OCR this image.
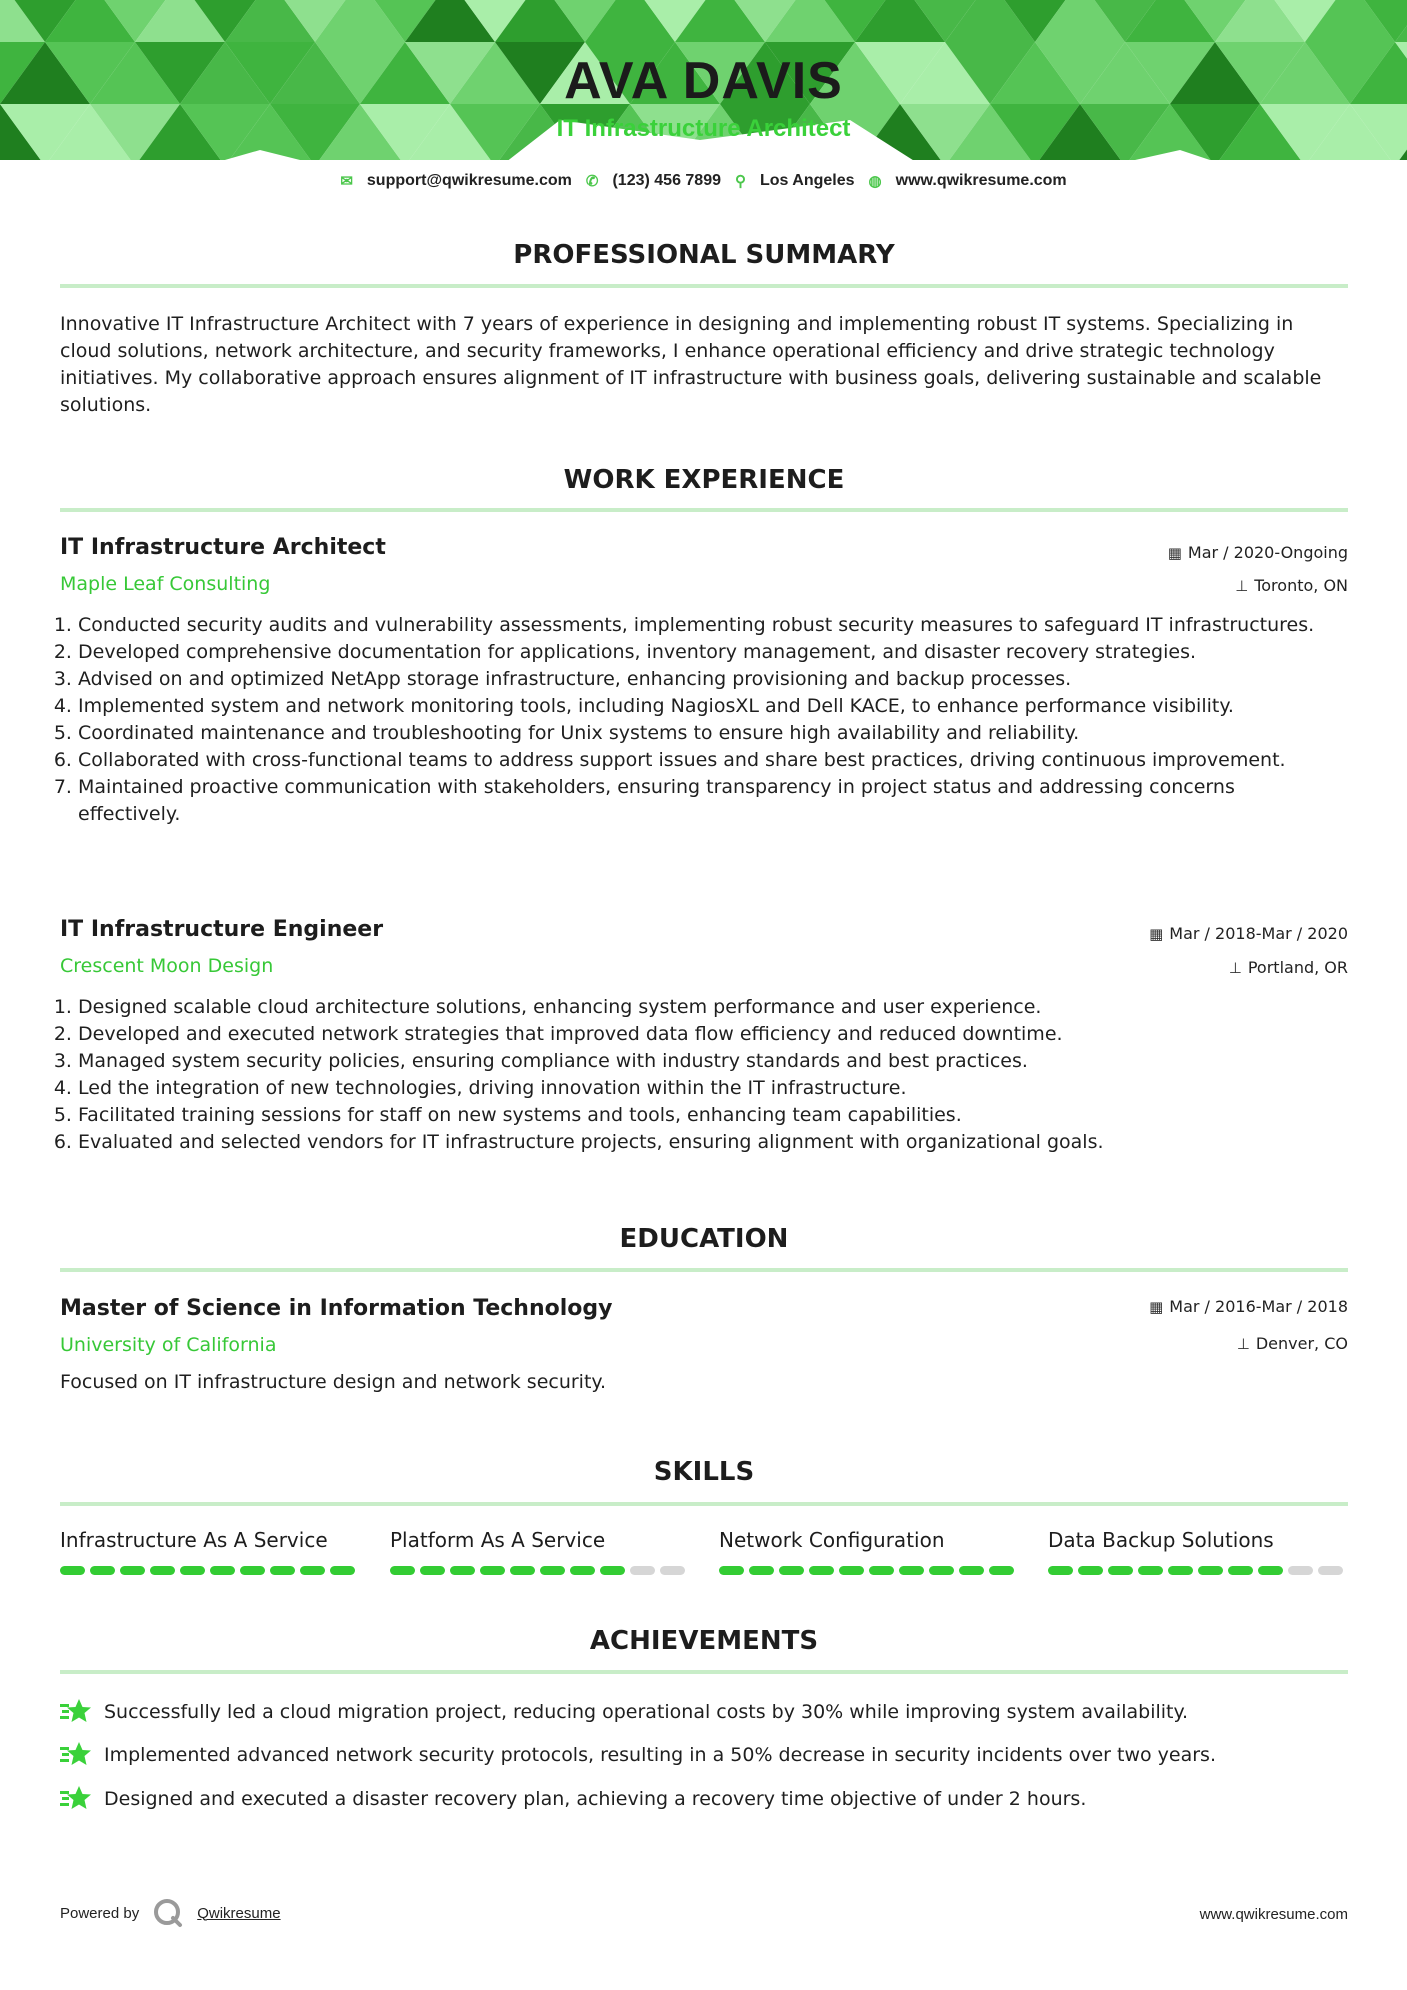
AVA DAVIS
IT Infrastructure Architect
✉ support@qwikresume.com ✆ (123) 456 7899 ⚲ Los Angeles ◍ www.qwikresume.com
PROFESSIONAL SUMMARY
Innovative IT Infrastructure Architect with 7 years of experience in designing and implementing robust IT systems. Specializing in cloud solutions, network architecture, and security frameworks, I enhance operational efficiency and drive strategic technology initiatives. My collaborative approach ensures alignment of IT infrastructure with business goals, delivering sustainable and scalable solutions.
WORK EXPERIENCE
IT Infrastructure Architect	▦ Mar / 2020-Ongoing
Maple Leaf Consulting	⊥ Toronto, ON
1. Conducted security audits and vulnerability assessments, implementing robust security measures to safeguard IT infrastructures.
2. Developed comprehensive documentation for applications, inventory management, and disaster recovery strategies.
3. Advised on and optimized NetApp storage infrastructure, enhancing provisioning and backup processes.
4. Implemented system and network monitoring tools, including NagiosXL and Dell KACE, to enhance performance visibility.
5. Coordinated maintenance and troubleshooting for Unix systems to ensure high availability and reliability.
6. Collaborated with cross-functional teams to address support issues and share best practices, driving continuous improvement.
7. Maintained proactive communication with stakeholders, ensuring transparency in project status and addressing concerns effectively.
IT Infrastructure Engineer	▦ Mar / 2018-Mar / 2020
Crescent Moon Design	⊥ Portland, OR
1. Designed scalable cloud architecture solutions, enhancing system performance and user experience.
2. Developed and executed network strategies that improved data flow efficiency and reduced downtime.
3. Managed system security policies, ensuring compliance with industry standards and best practices.
4. Led the integration of new technologies, driving innovation within the IT infrastructure.
5. Facilitated training sessions for staff on new systems and tools, enhancing team capabilities.
6. Evaluated and selected vendors for IT infrastructure projects, ensuring alignment with organizational goals.
EDUCATION
Master of Science in Information Technology	▦ Mar / 2016-Mar / 2018
University of California	⊥ Denver, CO
Focused on IT infrastructure design and network security.
SKILLS
Infrastructure As A Service	Platform As A Service	Network Configuration	Data Backup Solutions
ACHIEVEMENTS
Successfully led a cloud migration project, reducing operational costs by 30% while improving system availability.
Implemented advanced network security protocols, resulting in a 50% decrease in security incidents over two years.
Designed and executed a disaster recovery plan, achieving a recovery time objective of under 2 hours.
Powered by	Qwikresume	www.qwikresume.com
